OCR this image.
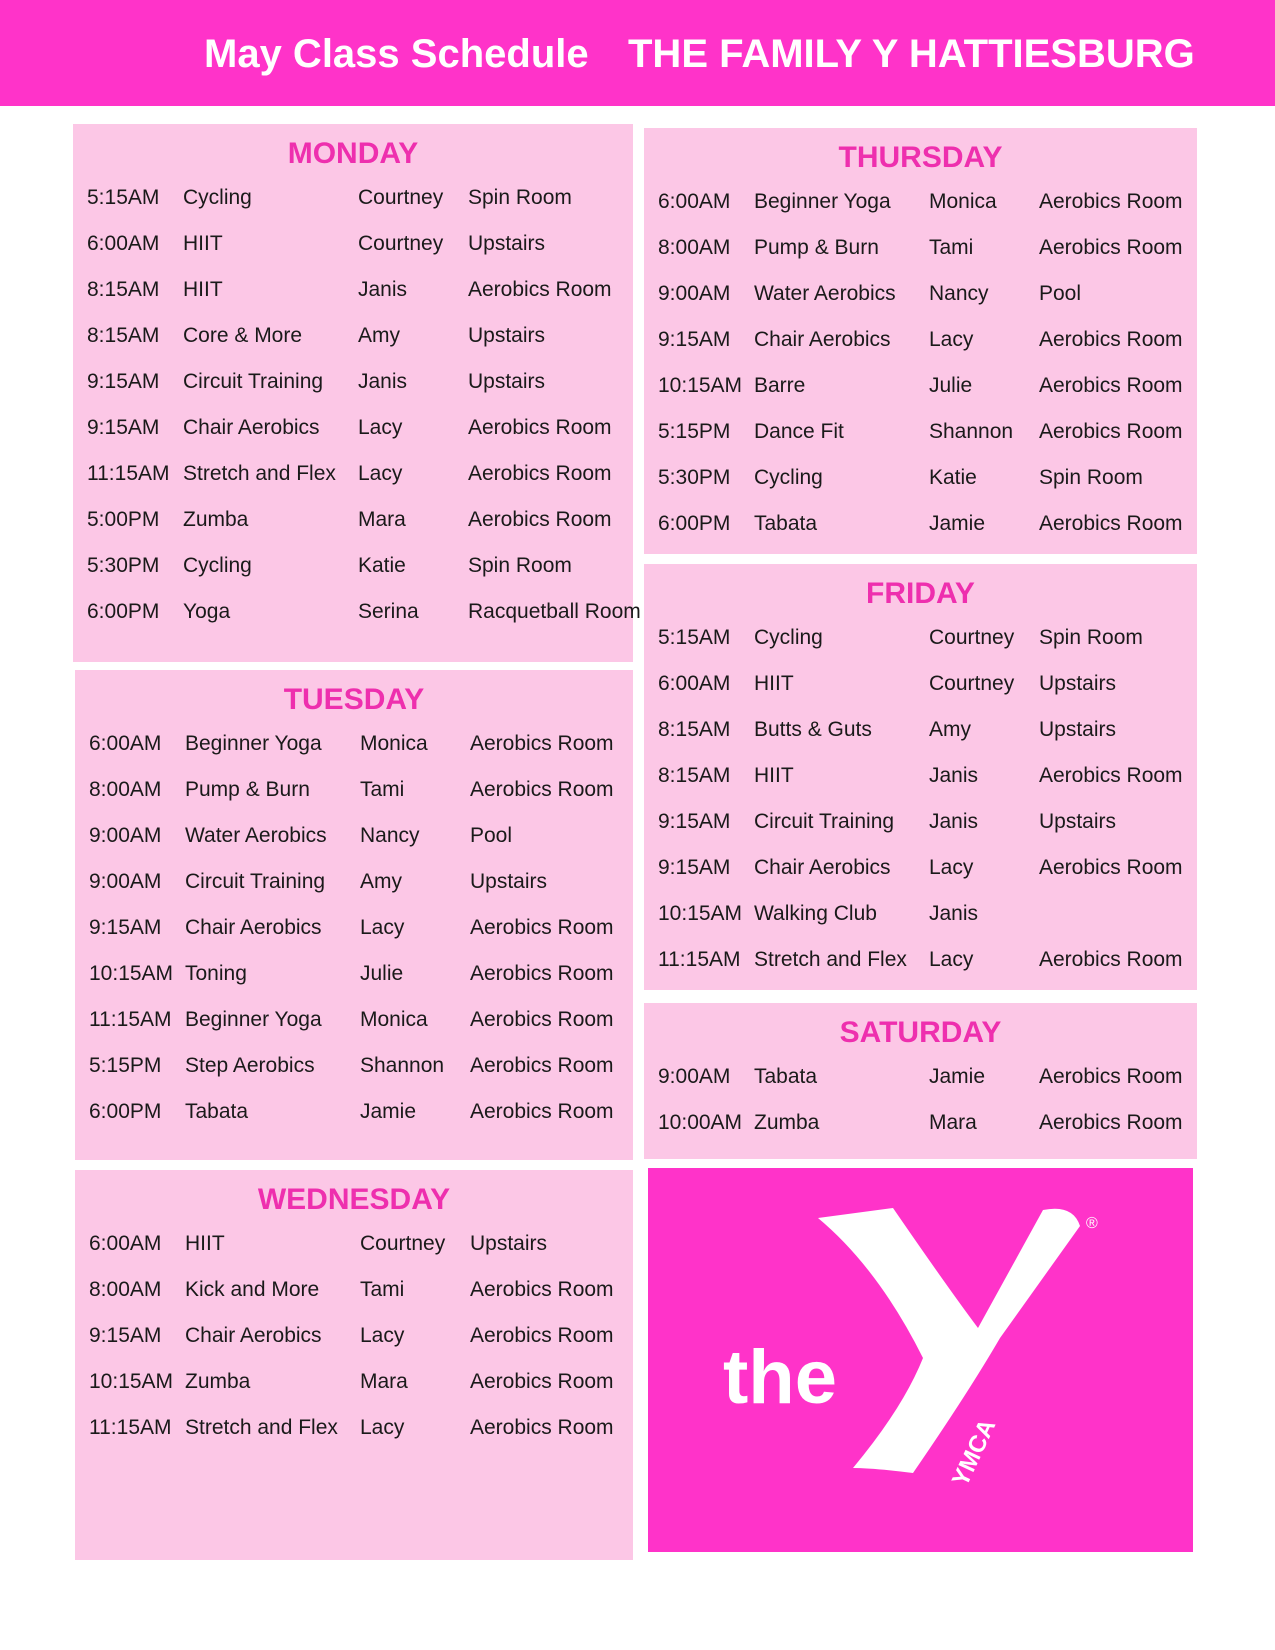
May Class Schedule THE FAMILY Y HATTIESBURG
MONDAY
5:15AM Cycling	Courtney Spin Room
6:00AM HIIT	Courtney Upstairs
8:15AM HIIT	Janis	Aerobics Room
8:15AM Core & More	Amy	Upstairs
9:15AM Circuit Training Janis	Upstairs
9:15AM Chair Aerobics Lacy	Aerobics Room
11:15AM Stretch and Flex Lacy	Aerobics Room
5:00PM Zumba	Mara	Aerobics Room
5:30PM Cycling	Katie	Spin Room
6:00PM Yoga	Serina Racquetball Room
TUESDAY
6:00AM Beginner Yoga Monica Aerobics Room
8:00AM Pump & Burn Tami	Aerobics Room
9:00AM Water Aerobics Nancy Pool
9:00AM Circuit Training Amy	Upstairs
9:15AM Chair Aerobics Lacy	Aerobics Room
10:15AM Toning	Julie	Aerobics Room
11:15AM Beginner Yoga Monica Aerobics Room
5:15PM Step Aerobics Shannon Aerobics Room
6:00PM Tabata	Jamie	Aerobics Room
WEDNESDAY
6:00AM HIIT	Courtney Upstairs
8:00AM Kick and More Tami	Aerobics Room
9:15AM Chair Aerobics Lacy	Aerobics Room
10:15AM Zumba	Mara	Aerobics Room
11:15AM Stretch and Flex Lacy	Aerobics Room
THURSDAY
6:00AM Beginner Yoga Monica Aerobics Room
8:00AM Pump & Burn Tami	Aerobics Room
9:00AM Water Aerobics Nancy Pool
9:15AM Chair Aerobics Lacy	Aerobics Room
10:15AM Barre	Julie	Aerobics Room
5:15PM Dance Fit	Shannon Aerobics Room
5:30PM Cycling	Katie	Spin Room
6:00PM Tabata	Jamie	Aerobics Room
FRIDAY
5:15AM Cycling	Courtney Spin Room
6:00AM HIIT	Courtney Upstairs
8:15AM Butts & Guts	Amy	Upstairs
8:15AM HIIT	Janis	Aerobics Room
9:15AM Circuit Training Janis	Upstairs
9:15AM Chair Aerobics Lacy	Aerobics Room
10:15AM Walking Club Janis
11:15AM Stretch and Flex Lacy	Aerobics Room
SATURDAY
9:00AM Tabata	Jamie	Aerobics Room
10:00AM Zumba	Mara	Aerobics Room
the
YMCA
®
